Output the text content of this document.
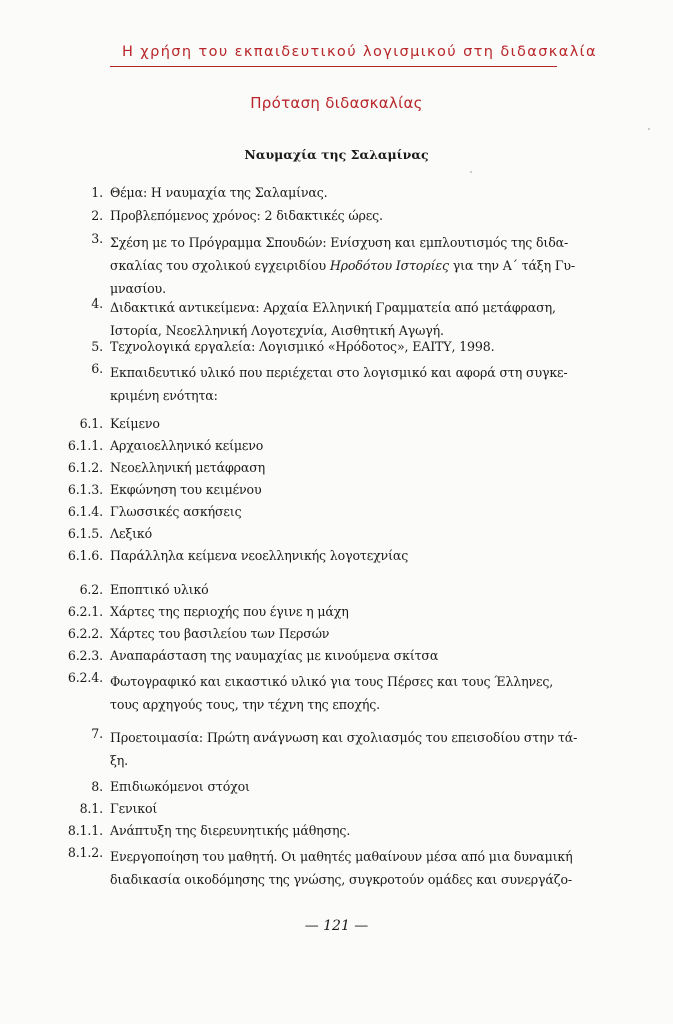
Η χρήση του εκπαιδευτικού λογισμικού στη διδασκαλία
Πρόταση διδασκαλίας
Ναυμαχία της Σαλαμίνας
1. Θέμα: Η ναυμαχία της Σαλαμίνας.
2. Προβλεπόμενος χρόνος: 2 διδακτικές ώρες.
3. Σχέση με το Πρόγραμμα Σπουδών: Ενίσχυση και εμπλουτισμός της διδα-
σκαλίας του σχολικού εγχειριδίου Ηροδότου Ιστορίες για την Α΄ τάξη Γυ-
μνασίου.
4. Διδακτικά αντικείμενα: Αρχαία Ελληνική Γραμματεία από μετάφραση,
Ιστορία, Νεοελληνική Λογοτεχνία, Αισθητική Αγωγή.
5. Τεχνολογικά εργαλεία: Λογισμικό «Ηρόδοτος», ΕΑΙΤΥ, 1998.
6. Εκπαιδευτικό υλικό που περιέχεται στο λογισμικό και αφορά στη συγκε-
κριμένη ενότητα:
6.1. Κείμενο
6.1.1. Αρχαιοελληνικό κείμενο
6.1.2. Νεοελληνική μετάφραση
6.1.3. Εκφώνηση του κειμένου
6.1.4. Γλωσσικές ασκήσεις
6.1.5. Λεξικό
6.1.6. Παράλληλα κείμενα νεοελληνικής λογοτεχνίας
6.2. Εποπτικό υλικό
6.2.1. Χάρτες της περιοχής που έγινε η μάχη
6.2.2. Χάρτες του βασιλείου των Περσών
6.2.3. Αναπαράσταση της ναυμαχίας με κινούμενα σκίτσα
6.2.4. Φωτογραφικό και εικαστικό υλικό για τους Πέρσες και τους Έλληνες,
τους αρχηγούς τους, την τέχνη της εποχής.
7. Προετοιμασία: Πρώτη ανάγνωση και σχολιασμός του επεισοδίου στην τά-
ξη.
8. Επιδιωκόμενοι στόχοι
8.1. Γενικοί
8.1.1. Ανάπτυξη της διερευνητικής μάθησης.
8.1.2. Ενεργοποίηση του μαθητή. Οι μαθητές μαθαίνουν μέσα από μια δυναμική
διαδικασία οικοδόμησης της γνώσης, συγκροτούν ομάδες και συνεργάζο-
— 121 —
